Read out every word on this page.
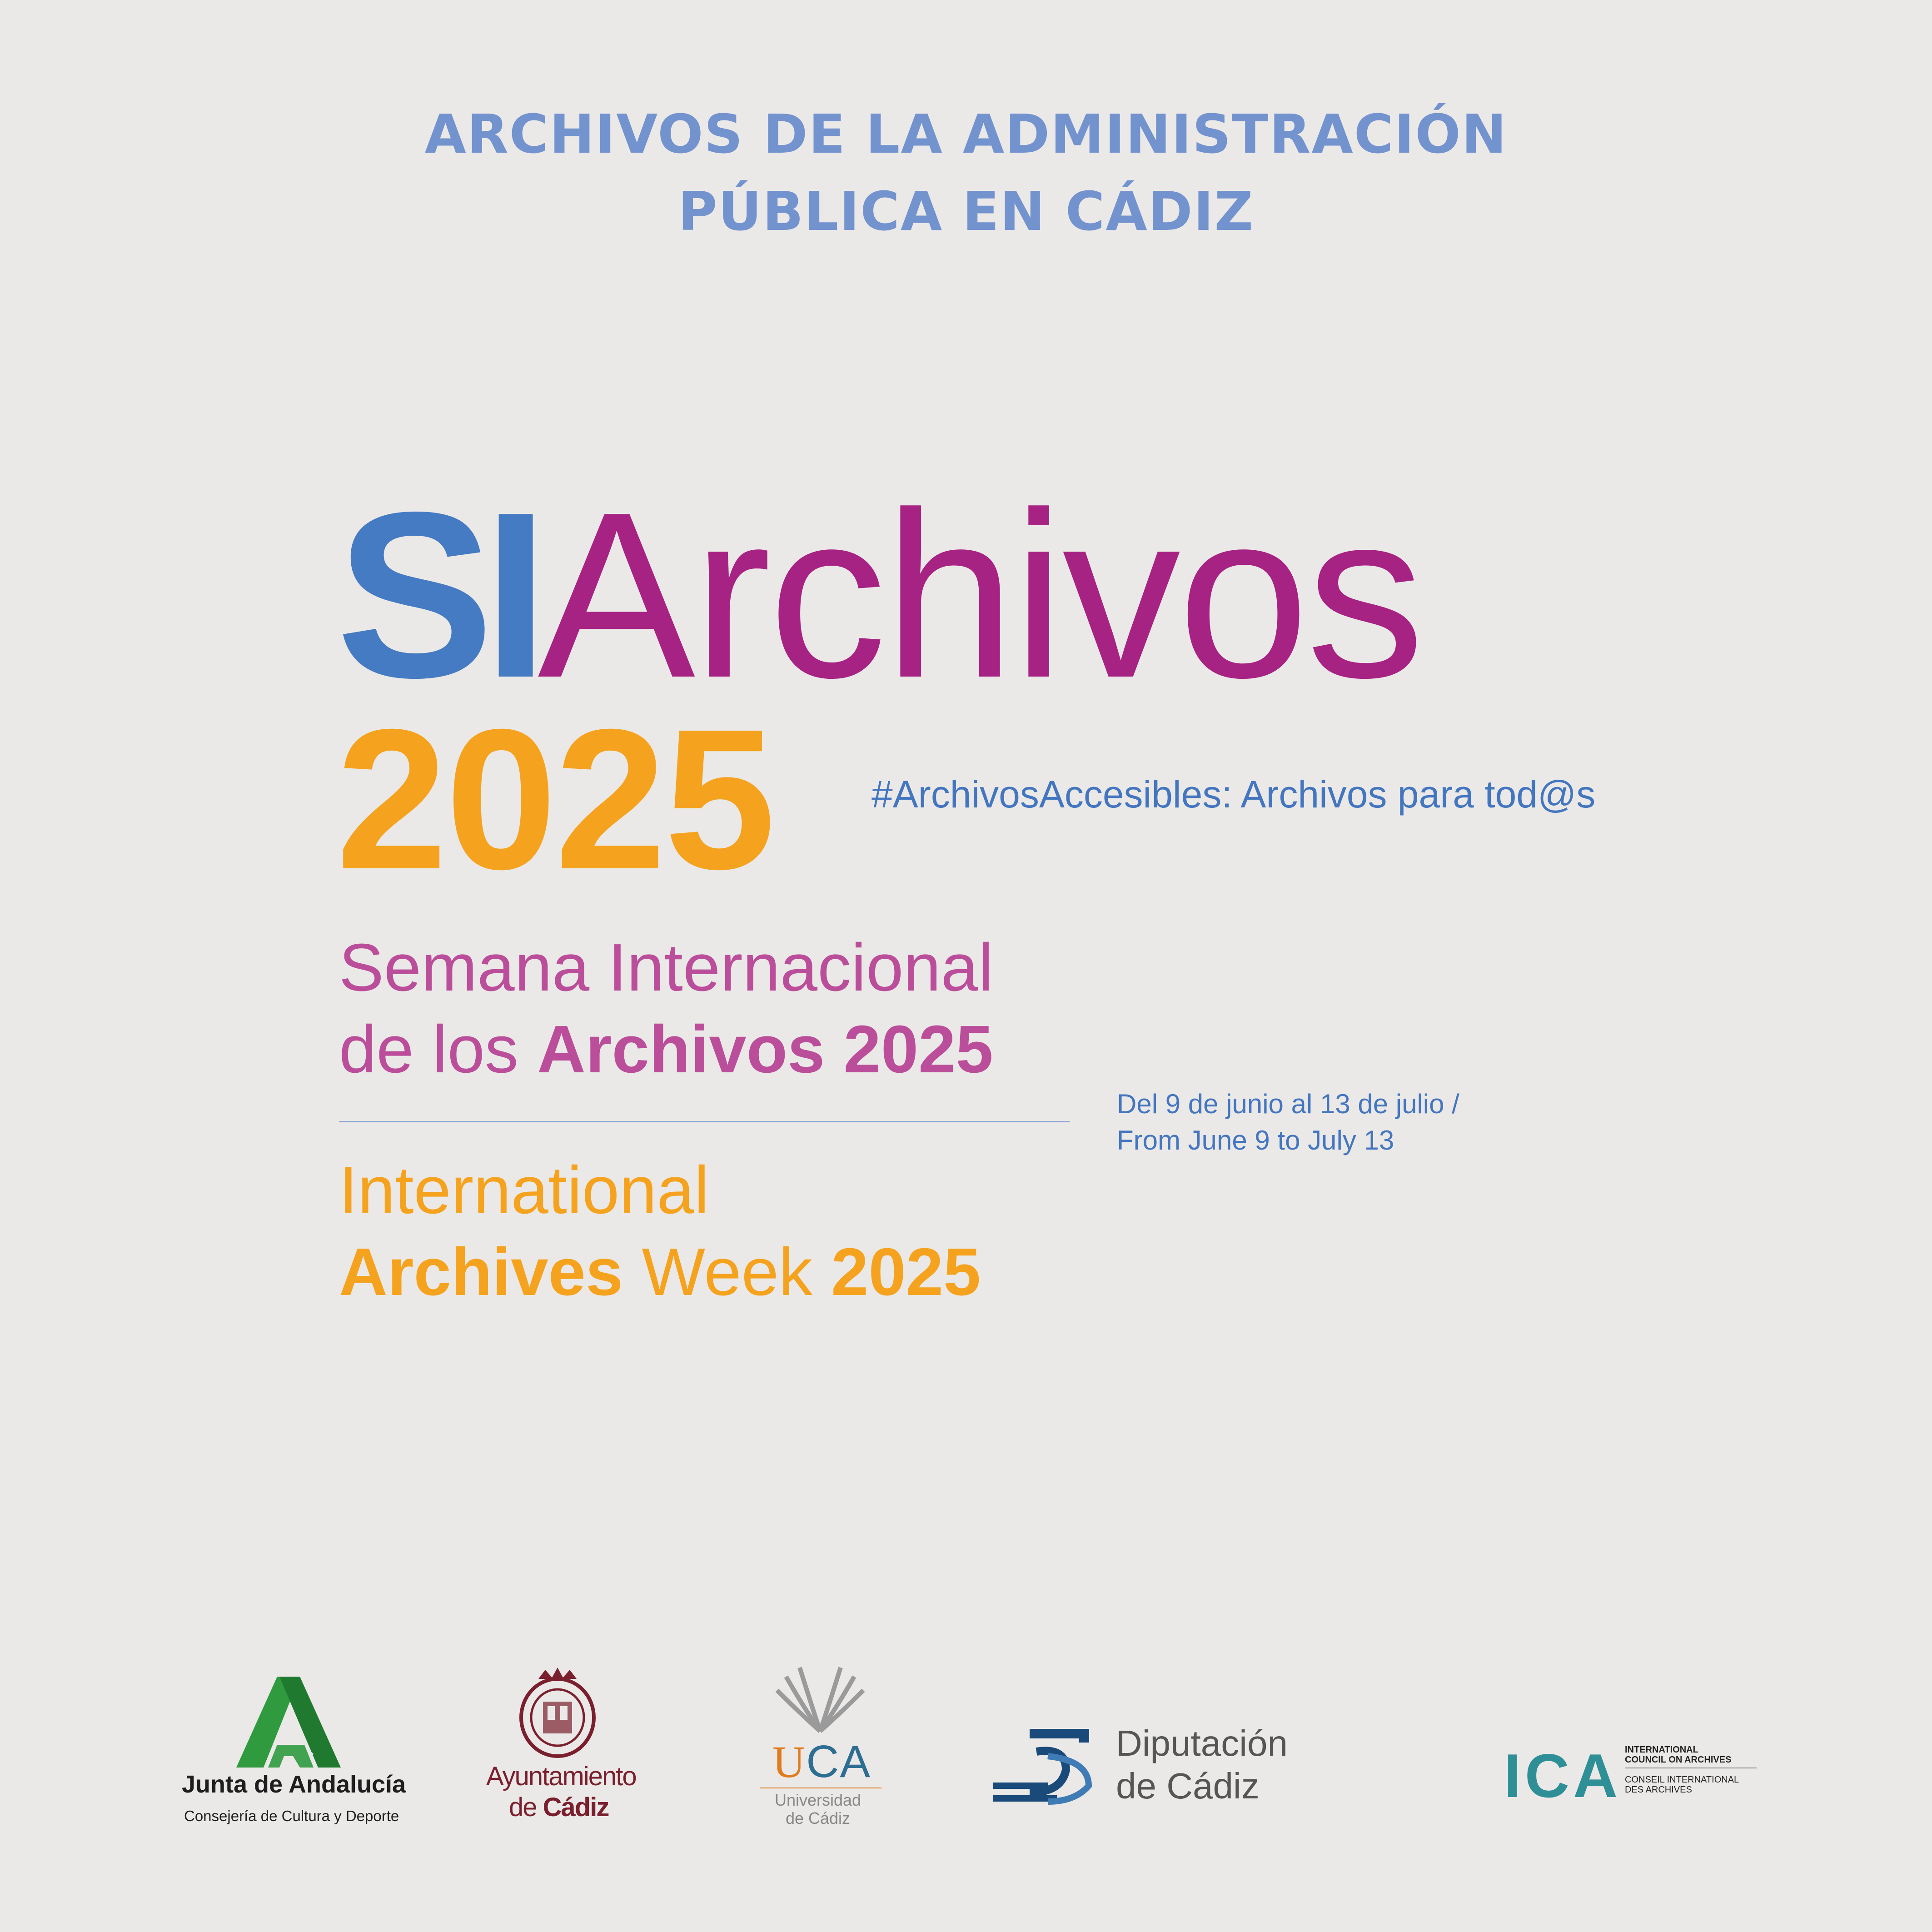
ARCHIVOS DE LA ADMINISTRACIÓN
PÚBLICA EN CÁDIZ
SIArchivos
2025	#ArchivosAccesibles: Archivos para tod@s
Semana Internacional
de los Archivos 2025
Del 9 de junio al 13 de julio /
From June 9 to July 13
International
Archives Week 2025
Junta de Andalucía
Consejería de Cultura y Deporte
Ayuntamiento
de Cádiz
UCA
Universidad
de Cádiz
Diputación
de Cádiz	ICA INTERNATIONAL
COUNCIL ON ARCHIVES
CONSEIL INTERNATIONAL
DES ARCHIVES
